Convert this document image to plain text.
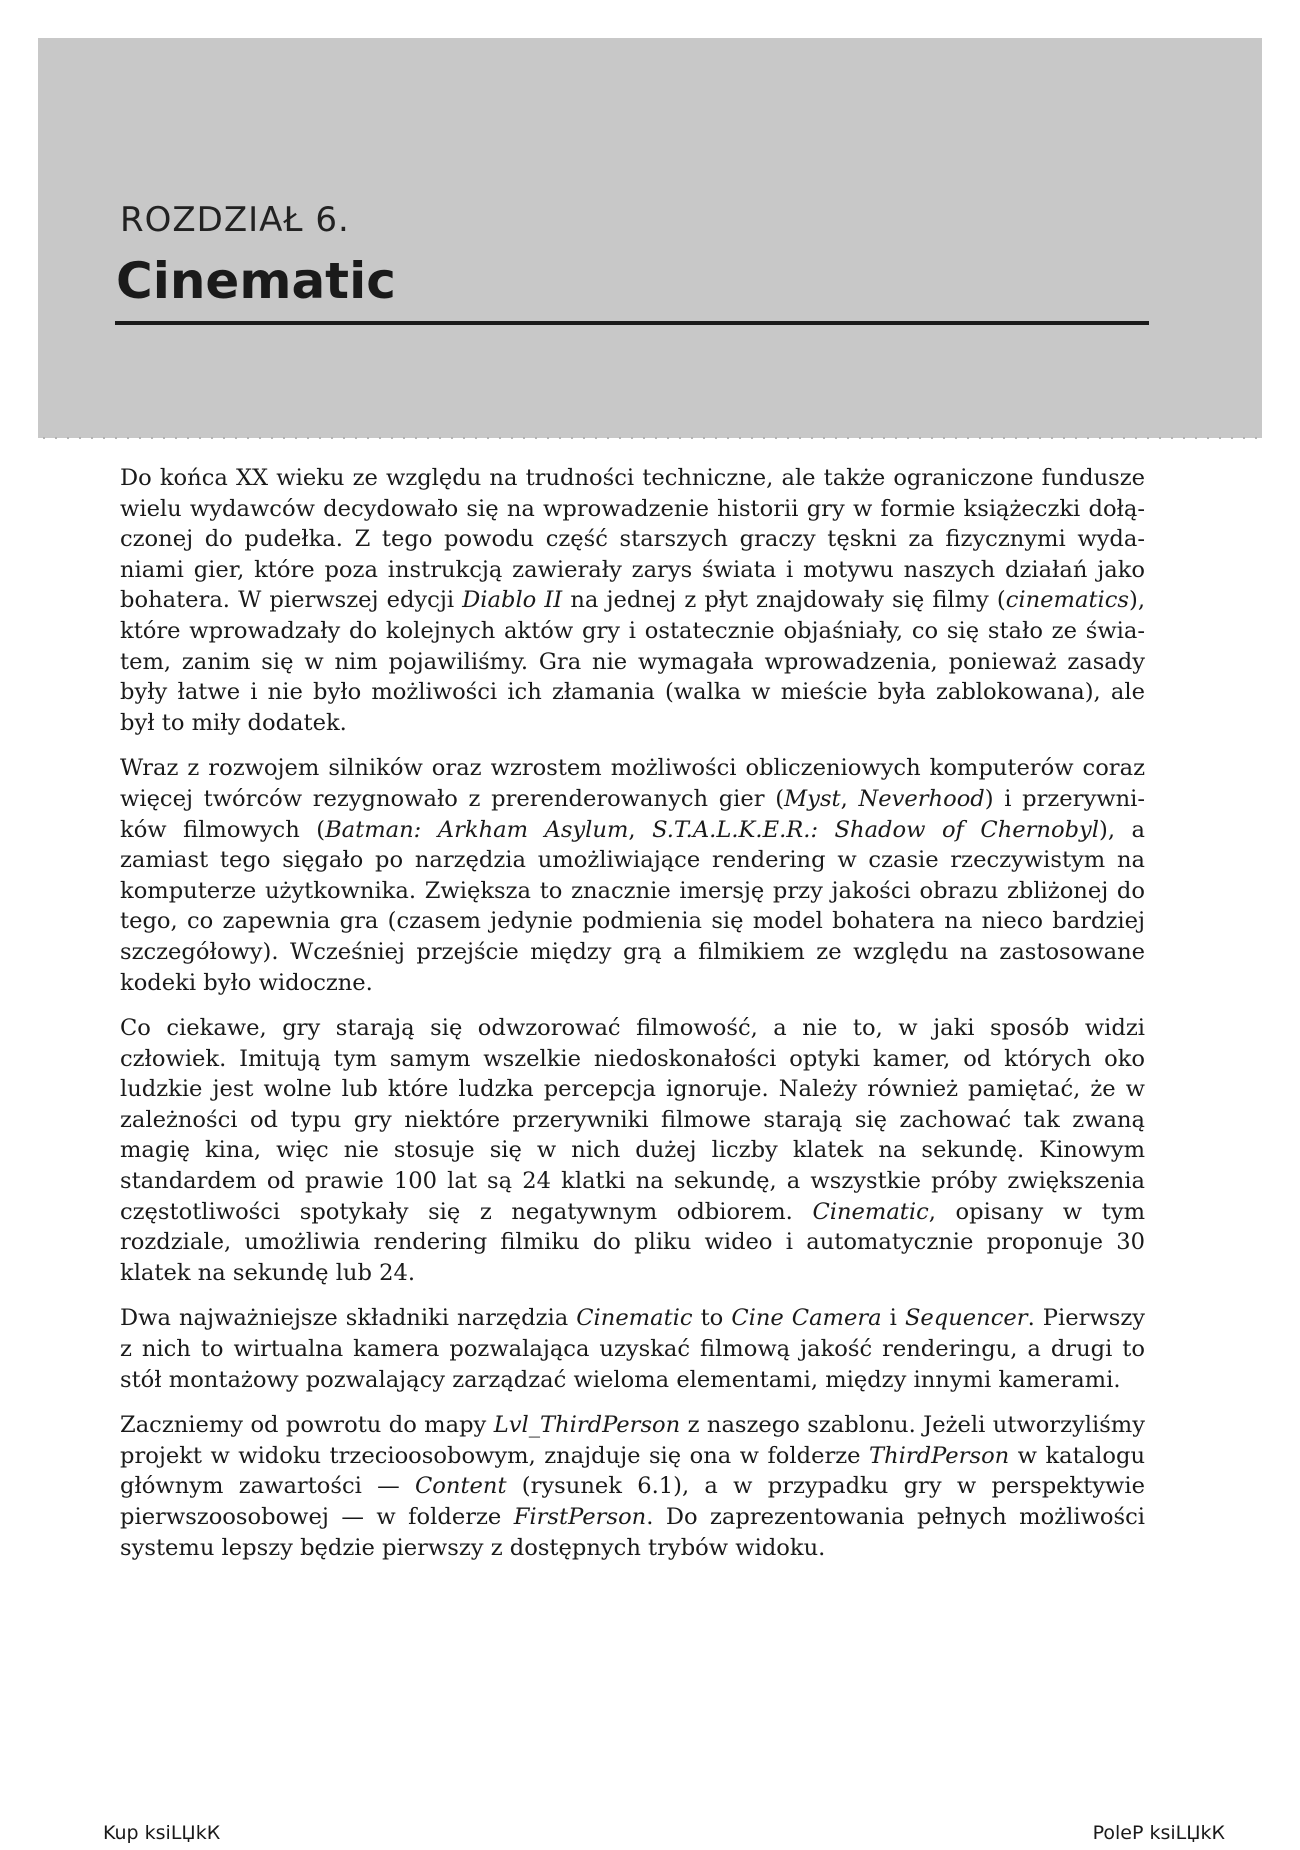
ROZDZIAŁ 6.
Cinematic

Do końca XX wieku ze względu na trudności techniczne, ale także ograniczone fundusze wielu wydawców decydowało się na wprowadzenie historii gry w formie książeczki dołączonej do pudełka. Z tego powodu część starszych graczy tęskni za fizycznymi wydaniami gier, które poza instrukcją zawierały zarys świata i motywu naszych działań jako bohatera. W pierwszej edycji Diablo II na jednej z płyt znajdowały się filmy (cinematics), które wprowadzały do kolejnych aktów gry i ostatecznie objaśniały, co się stało ze światem, zanim się w nim pojawiliśmy. Gra nie wymagała wprowadzenia, ponieważ zasady były łatwe i nie było możliwości ich złamania (walka w mieście była zablokowana), ale był to miły dodatek.

Wraz z rozwojem silników oraz wzrostem możliwości obliczeniowych komputerów coraz więcej twórców rezygnowało z prerenderowanych gier (Myst, Neverhood) i przerywników filmowych (Batman: Arkham Asylum, S.T.A.L.K.E.R.: Shadow of Chernobyl), a zamiast tego sięgało po narzędzia umożliwiające rendering w czasie rzeczywistym na komputerze użytkownika. Zwiększa to znacznie imersję przy jakości obrazu zbliżonej do tego, co zapewnia gra (czasem jedynie podmienia się model bohatera na nieco bardziej szczegółowy). Wcześniej przejście między grą a filmikiem ze względu na zastosowane kodeki było widoczne.

Co ciekawe, gry starają się odwzorować filmowość, a nie to, w jaki sposób widzi człowiek. Imitują tym samym wszelkie niedoskonałości optyki kamer, od których oko ludzkie jest wolne lub które ludzka percepcja ignoruje. Należy również pamiętać, że w zależności od typu gry niektóre przerywniki filmowe starają się zachować tak zwaną magię kina, więc nie stosuje się w nich dużej liczby klatek na sekundę. Kinowym standardem od prawie 100 lat są 24 klatki na sekundę, a wszystkie próby zwiększenia częstotliwości spotykały się z negatywnym odbiorem. Cinematic, opisany w tym rozdziale, umożliwia rendering filmiku do pliku wideo i automatycznie proponuje 30 klatek na sekundę lub 24.

Dwa najważniejsze składniki narzędzia Cinematic to Cine Camera i Sequencer. Pierwszy z nich to wirtualna kamera pozwalająca uzyskać filmową jakość renderingu, a drugi to stół montażowy pozwalający zarządzać wieloma elementami, między innymi kamerami.

Zaczniemy od powrotu do mapy Lvl_ThirdPerson z naszego szablonu. Jeżeli utworzyliśmy projekt w widoku trzecioosobowym, znajduje się ona w folderze ThirdPerson w katalogu głównym zawartości — Content (rysunek 6.1), a w przypadku gry w perspektywie pierwszoosobowej — w folderze FirstPerson. Do zaprezentowania pełnych możliwości systemu lepszy będzie pierwszy z dostępnych trybów widoku.

Kup ksiLЏkК	PoleР ksiLЏkК
